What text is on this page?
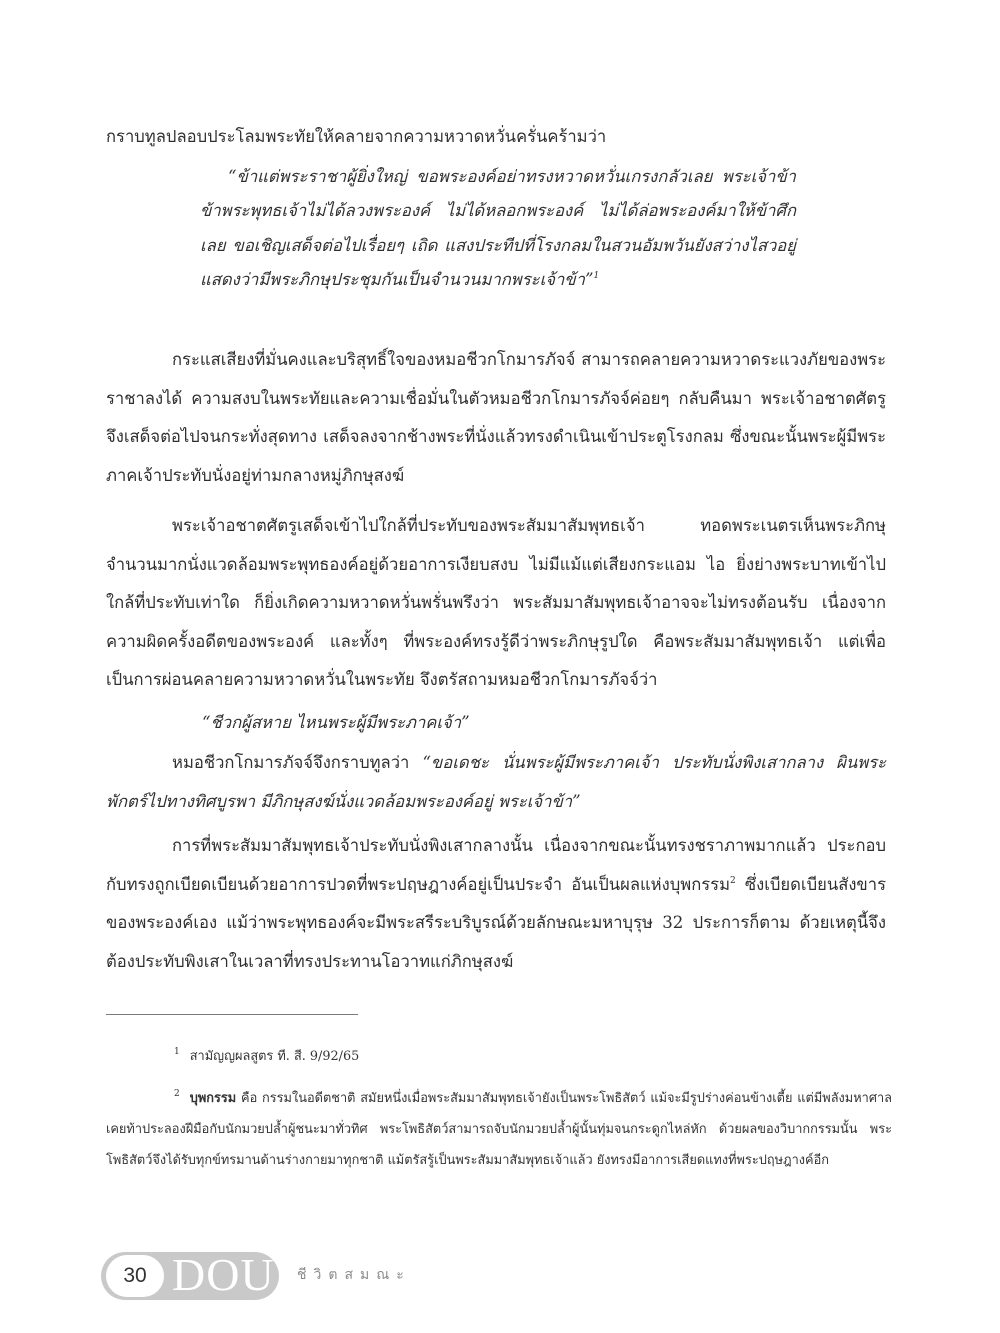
กราบทูลปลอบประโลมพระทัยให้คลายจากความหวาดหวั่นครั่นคร้ามว่า

“ข้าแต่พระราชาผู้ยิ่งใหญ่ ขอพระองค์อย่าทรงหวาดหวั่นเกรงกลัวเลย พระเจ้าข้า ข้าพระพุทธเจ้าไม่ได้ลวงพระองค์ ไม่ได้หลอกพระองค์ ไม่ได้ล่อพระองค์มาให้ข้าศึกเลย ขอเชิญเสด็จต่อไปเรื่อยๆ เถิด แสงประทีปที่โรงกลมในสวนอัมพวันยังสว่างไสวอยู่ แสดงว่ามีพระภิกษุประชุมกันเป็นจำนวนมากพระเจ้าข้า”$^1$

กระแสเสียงที่มั่นคงและบริสุทธิ์ใจของหมอชีวกโกมารภัจจ์ สามารถคลายความหวาดระแวงภัยของพระราชาลงได้ ความสงบในพระทัยและความเชื่อมั่นในตัวหมอชีวกโกมารภัจจ์ค่อยๆ กลับคืนมา พระเจ้าอชาตศัตรูจึงเสด็จต่อไปจนกระทั่งสุดทาง เสด็จลงจากช้างพระที่นั่งแล้วทรงดำเนินเข้าประตูโรงกลม ซึ่งขณะนั้นพระผู้มีพระภาคเจ้าประทับนั่งอยู่ท่ามกลางหมู่ภิกษุสงฆ์

พระเจ้าอชาตศัตรูเสด็จเข้าไปใกล้ที่ประทับของพระสัมมาสัมพุทธเจ้า ทอดพระเนตรเห็นพระภิกษุจำนวนมากนั่งแวดล้อมพระพุทธองค์อยู่ด้วยอาการเงียบสงบ ไม่มีแม้แต่เสียงกระแอม ไอ ยิ่งย่างพระบาทเข้าไปใกล้ที่ประทับเท่าใด ก็ยิ่งเกิดความหวาดหวั่นพรั่นพรึงว่า พระสัมมาสัมพุทธเจ้าอาจจะไม่ทรงต้อนรับ เนื่องจากความผิดครั้งอดีตของพระองค์ และทั้งๆ ที่พระองค์ทรงรู้ดีว่าพระภิกษุรูปใด คือพระสัมมาสัมพุทธเจ้า แต่เพื่อเป็นการผ่อนคลายความหวาดหวั่นในพระทัย จึงตรัสถามหมอชีวกโกมารภัจจ์ว่า

“ชีวกผู้สหาย ไหนพระผู้มีพระภาคเจ้า”

หมอชีวกโกมารภัจจ์จึงกราบทูลว่า “ขอเดชะ นั่นพระผู้มีพระภาคเจ้า ประทับนั่งพิงเสากลาง ผินพระพักตร์ไปทางทิศบูรพา มีภิกษุสงฆ์นั่งแวดล้อมพระองค์อยู่ พระเจ้าข้า”

การที่พระสัมมาสัมพุทธเจ้าประทับนั่งพิงเสากลางนั้น เนื่องจากขณะนั้นทรงชราภาพมากแล้ว ประกอบกับทรงถูกเบียดเบียนด้วยอาการปวดที่พระปฤษฎางค์อยู่เป็นประจำ อันเป็นผลแห่งบุพกรรม$^2$ ซึ่งเบียดเบียนสังขารของพระองค์เอง แม้ว่าพระพุทธองค์จะมีพระสรีระบริบูรณ์ด้วยลักษณะมหาบุรุษ 32 ประการก็ตาม ด้วยเหตุนี้จึงต้องประทับพิงเสาในเวลาที่ทรงประทานโอวาทแก่ภิกษุสงฆ์

$^1$ สามัญญผลสูตร ที. สี. 9/92/65

$^2$ บุพกรรม คือ กรรมในอดีตชาติ สมัยหนึ่งเมื่อพระสัมมาสัมพุทธเจ้ายังเป็นพระโพธิสัตว์ แม้จะมีรูปร่างค่อนข้างเตี้ย แต่มีพลังมหาศาล เคยท้าประลองฝีมือกับนักมวยปล้ำผู้ชนะมาทั่วทิศ พระโพธิสัตว์สามารถจับนักมวยปล้ำผู้นั้นทุ่มจนกระดูกไหล่หัก ด้วยผลของวิบากกรรมนั้น พระโพธิสัตว์จึงได้รับทุกข์ทรมานด้านร่างกายมาทุกชาติ แม้ตรัสรู้เป็นพระสัมมาสัมพุทธเจ้าแล้ว ยังทรงมีอาการเสียดแทงที่พระปฤษฎางค์อีก

30 DOU ชีวิตสมณะ
